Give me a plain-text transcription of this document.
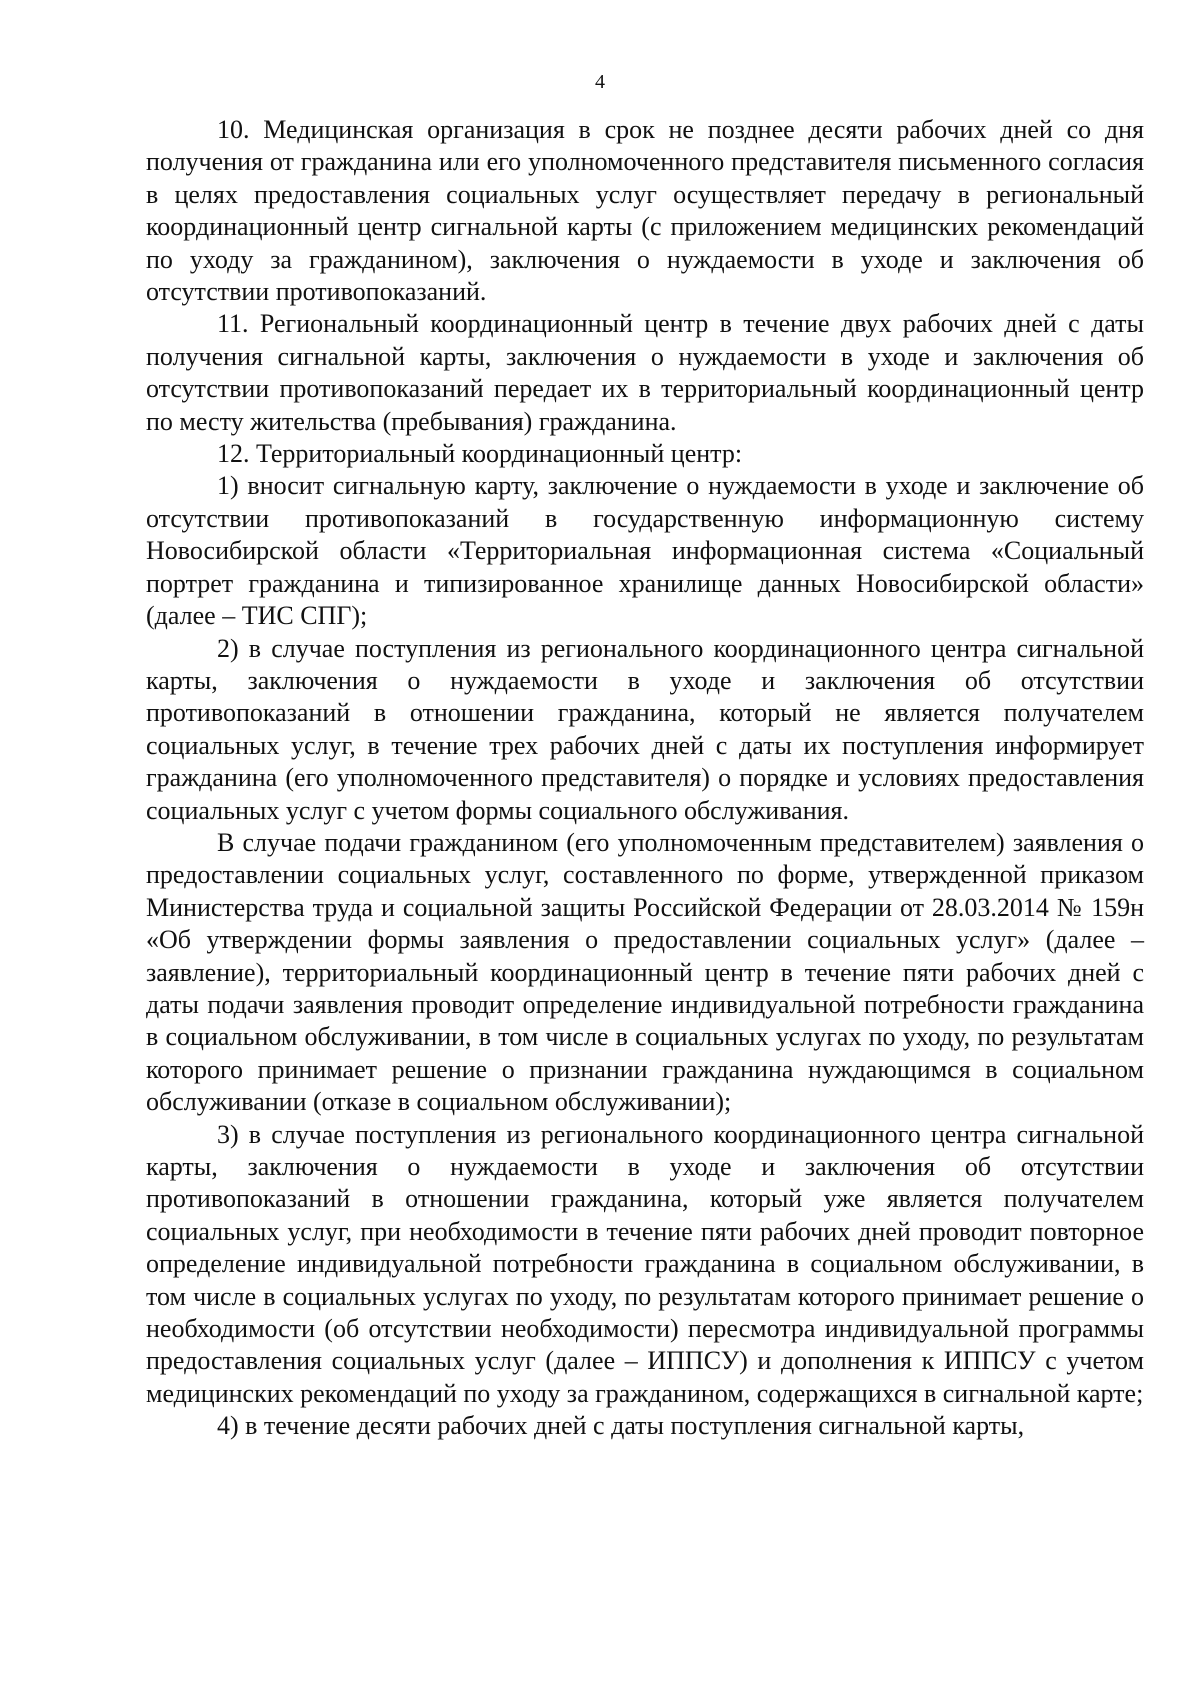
4

10. Медицинская организация в срок не позднее десяти рабочих дней со дня получения от гражданина или его уполномоченного представителя письменного согласия в целях предоставления социальных услуг осуществляет передачу в региональный координационный центр сигнальной карты (с приложением медицинских рекомендаций по уходу за гражданином), заключения о нуждаемости в уходе и заключения об отсутствии противопоказаний.

11. Региональный координационный центр в течение двух рабочих дней с даты получения сигнальной карты, заключения о нуждаемости в уходе и заключения об отсутствии противопоказаний передает их в территориальный координационный центр по месту жительства (пребывания) гражданина.

12. Территориальный координационный центр:

1) вносит сигнальную карту, заключение о нуждаемости в уходе и заключение об отсутствии противопоказаний в государственную информационную систему Новосибирской области «Территориальная информационная система «Социальный портрет гражданина и типизированное хранилище данных Новосибирской области» (далее – ТИС СПГ);

2) в случае поступления из регионального координационного центра сигнальной карты, заключения о нуждаемости в уходе и заключения об отсутствии противопоказаний в отношении гражданина, который не является получателем социальных услуг, в течение трех рабочих дней с даты их поступления информирует гражданина (его уполномоченного представителя) о порядке и условиях предоставления социальных услуг с учетом формы социального обслуживания.

В случае подачи гражданином (его уполномоченным представителем) заявления о предоставлении социальных услуг, составленного по форме, утвержденной приказом Министерства труда и социальной защиты Российской Федерации от 28.03.2014 № 159н «Об утверждении формы заявления о предоставлении социальных услуг» (далее – заявление), территориальный координационный центр в течение пяти рабочих дней с даты подачи заявления проводит определение индивидуальной потребности гражданина в социальном обслуживании, в том числе в социальных услугах по уходу, по результатам которого принимает решение о признании гражданина нуждающимся в социальном обслуживании (отказе в социальном обслуживании);

3) в случае поступления из регионального координационного центра сигнальной карты, заключения о нуждаемости в уходе и заключения об отсутствии противопоказаний в отношении гражданина, который уже является получателем социальных услуг, при необходимости в течение пяти рабочих дней проводит повторное определение индивидуальной потребности гражданина в социальном обслуживании, в том числе в социальных услугах по уходу, по результатам которого принимает решение о необходимости (об отсутствии необходимости) пересмотра индивидуальной программы предоставления социальных услуг (далее – ИППСУ) и дополнения к ИППСУ с учетом медицинских рекомендаций по уходу за гражданином, содержащихся в сигнальной карте;

4) в течение десяти рабочих дней с даты поступления сигнальной карты,
